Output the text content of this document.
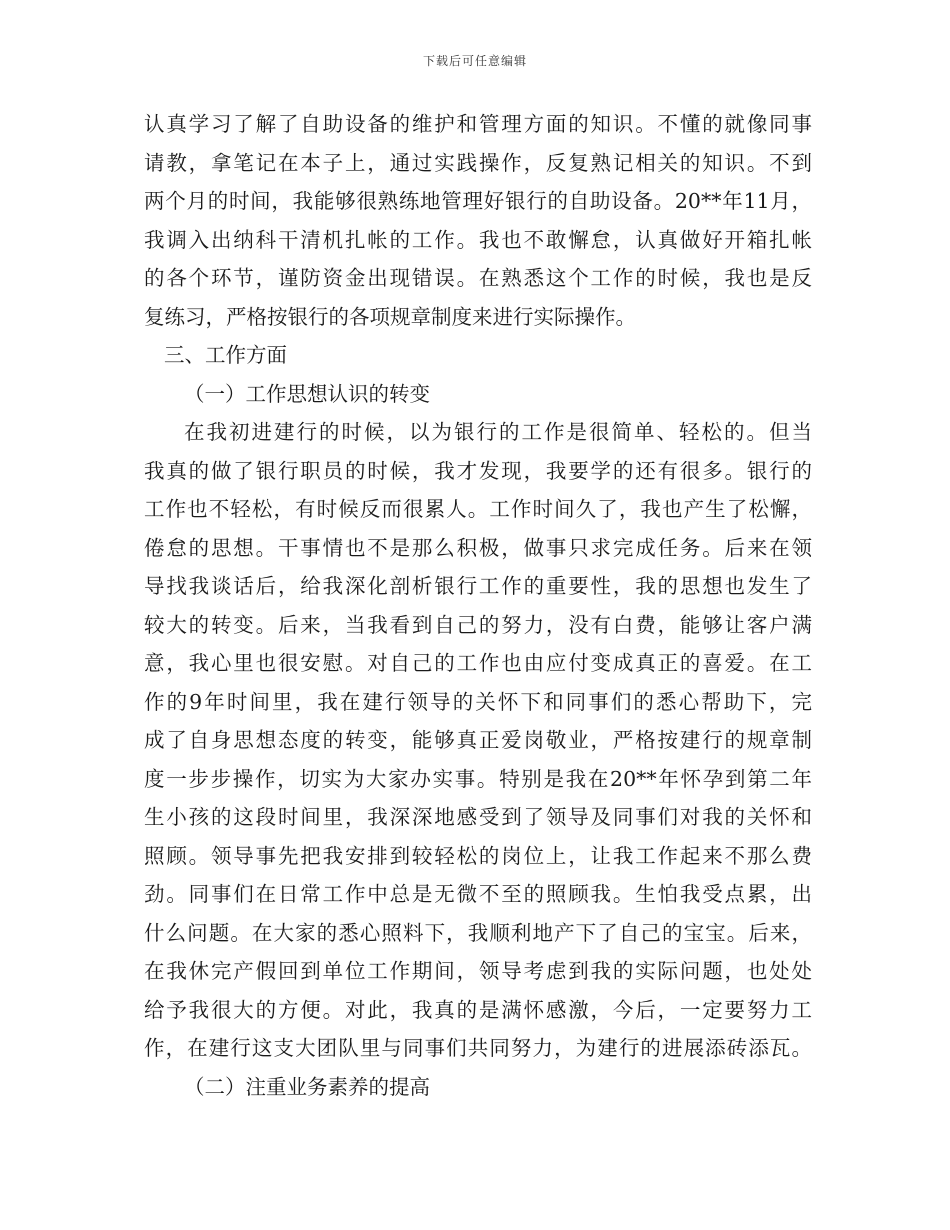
下载后可任意编辑
认真学习了解了自助设备的维护和管理方面的知识。不懂的就像同事
请教，拿笔记在本子上，通过实践操作，反复熟记相关的知识。不到
两个月的时间，我能够很熟练地管理好银行的自助设备。20**年11月，
我调入出纳科干清机扎帐的工作。我也不敢懈怠，认真做好开箱扎帐
的各个环节，谨防资金出现错误。在熟悉这个工作的时候，我也是反
复练习，严格按银行的各项规章制度来进行实际操作。
三、工作方面
（一）工作思想认识的转变
在我初进建行的时候，以为银行的工作是很简单、轻松的。但当
我真的做了银行职员的时候，我才发现，我要学的还有很多。银行的
工作也不轻松，有时候反而很累人。工作时间久了，我也产生了松懈，
倦怠的思想。干事情也不是那么积极，做事只求完成任务。后来在领
导找我谈话后，给我深化剖析银行工作的重要性，我的思想也发生了
较大的转变。后来，当我看到自己的努力，没有白费，能够让客户满
意，我心里也很安慰。对自己的工作也由应付变成真正的喜爱。在工
作的9年时间里，我在建行领导的关怀下和同事们的悉心帮助下，完
成了自身思想态度的转变，能够真正爱岗敬业，严格按建行的规章制
度一步步操作，切实为大家办实事。特别是我在20**年怀孕到第二年
生小孩的这段时间里，我深深地感受到了领导及同事们对我的关怀和
照顾。领导事先把我安排到较轻松的岗位上，让我工作起来不那么费
劲。同事们在日常工作中总是无微不至的照顾我。生怕我受点累，出
什么问题。在大家的悉心照料下，我顺利地产下了自己的宝宝。后来，
在我休完产假回到单位工作期间，领导考虑到我的实际问题，也处处
给予我很大的方便。对此，我真的是满怀感激，今后，一定要努力工
作，在建行这支大团队里与同事们共同努力，为建行的进展添砖添瓦。
（二）注重业务素养的提高
